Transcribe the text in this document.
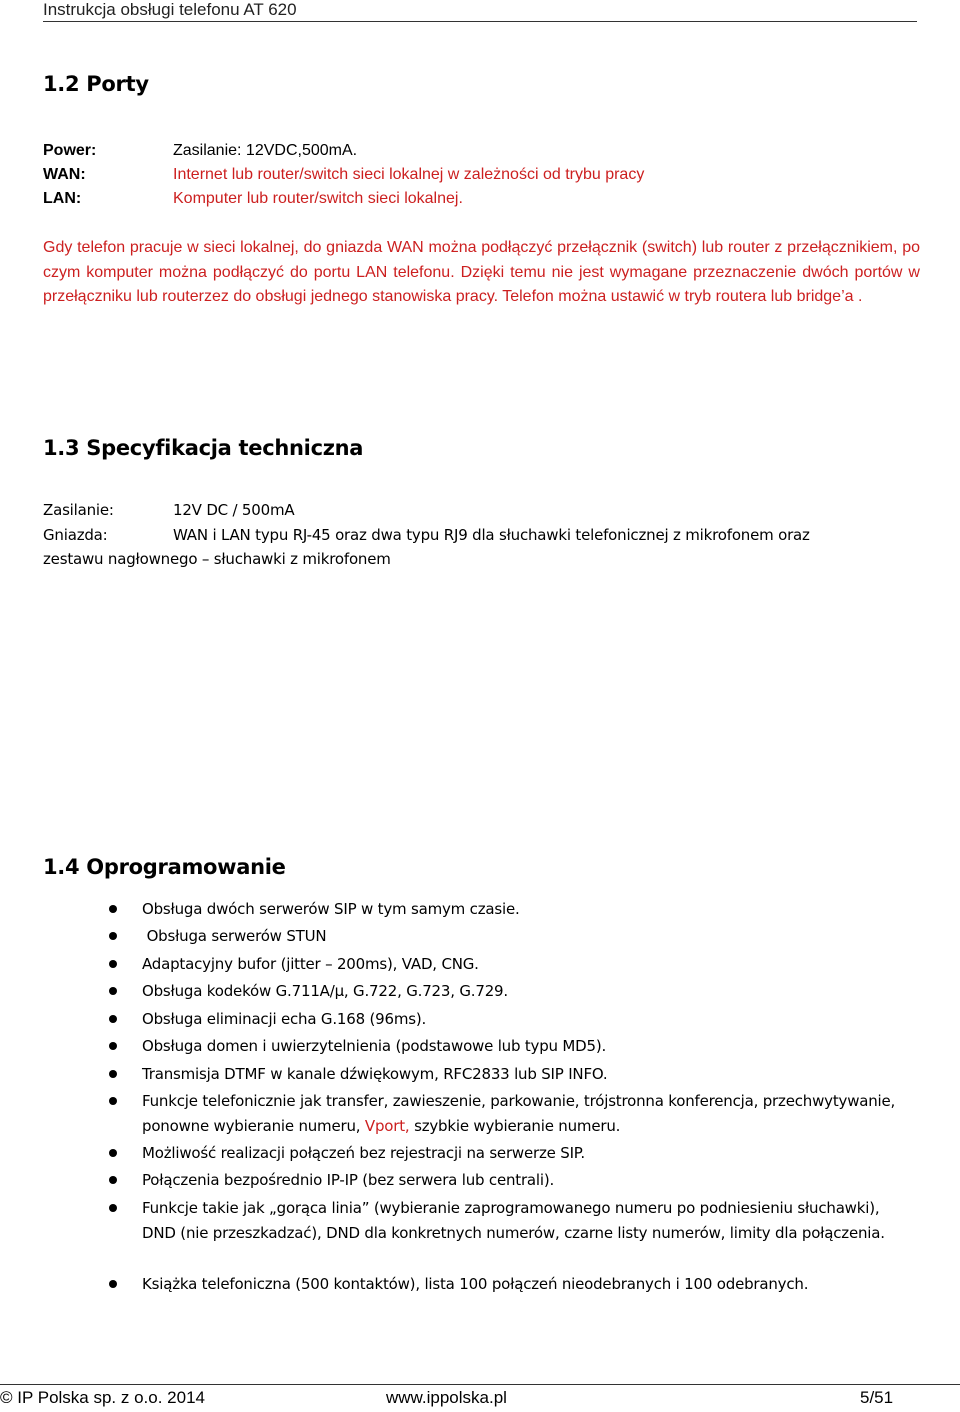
Instrukcja obsługi telefonu AT 620
1.2 Porty
Power:	Zasilanie: 12VDC,500mA.
WAN:	Internet lub router/switch sieci lokalnej w zależności od trybu pracy
LAN:	Komputer lub router/switch sieci lokalnej.
Gdy telefon pracuje w sieci lokalnej, do gniazda WAN można podłączyć przełącznik (switch) lub router z przełącznikiem, po czym komputer można podłączyć do portu LAN telefonu. Dzięki temu nie jest wymagane przeznaczenie dwóch portów w przełączniku lub routerzez do obsługi jednego stanowiska pracy. Telefon można ustawić w tryb routera lub bridge’a .
1.3 Specyfikacja techniczna
Zasilanie:	12V DC / 500mA
Gniazda:	WAN i LAN typu RJ-45 oraz dwa typu RJ9 dla słuchawki telefonicznej z mikrofonem oraz
zestawu nagłownego – słuchawki z mikrofonem
1.4 Oprogramowanie
Obsługa dwóch serwerów SIP w tym samym czasie.
Obsługa serwerów STUN
Adaptacyjny bufor (jitter – 200ms), VAD, CNG.
Obsługa kodeków G.711A/μ, G.722, G.723, G.729.
Obsługa eliminacji echa G.168 (96ms).
Obsługa domen i uwierzytelnienia (podstawowe lub typu MD5).
Transmisja DTMF w kanale dźwiękowym, RFC2833 lub SIP INFO.
Funkcje telefonicznie jak transfer, zawieszenie, parkowanie, trójstronna konferencja, przechwytywanie, ponowne wybieranie numeru, Vport, szybkie wybieranie numeru.
Możliwość realizacji połączeń bez rejestracji na serwerze SIP.
Połączenia bezpośrednio IP-IP (bez serwera lub centrali).
Funkcje takie jak „gorąca linia” (wybieranie zaprogramowanego numeru po podniesieniu słuchawki), DND (nie przeszkadzać), DND dla konkretnych numerów, czarne listy numerów, limity dla połączenia.
Książka telefoniczna (500 kontaktów), lista 100 połączeń nieodebranych i 100 odebranych.
© IP Polska sp. z o.o. 2014	www.ippolska.pl	5/51
